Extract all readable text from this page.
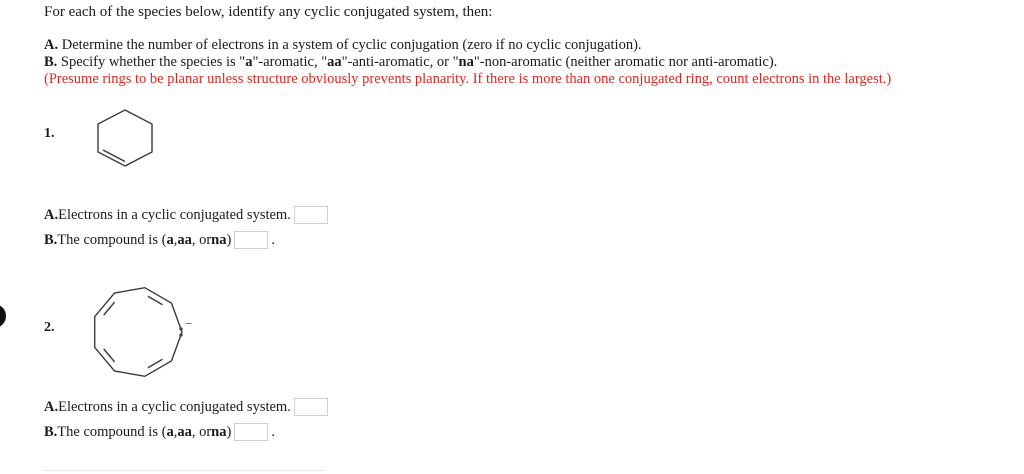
For each of the species below, identify any cyclic conjugated system, then:
A. Determine the number of electrons in a system of cyclic conjugation (zero if no cyclic conjugation).
B. Specify whether the species is "a"-aromatic, "aa"-anti-aromatic, or "na"-non-aromatic (neither aromatic nor anti-aromatic).
(Presume rings to be planar unless structure obviously prevents planarity. If there is more than one conjugated ring, count electrons in the largest.)
1.
A. Electrons in a cyclic conjugated system.
B. The compound is ( a , aa , or na )	.
2.	−
A. Electrons in a cyclic conjugated system.
B. The compound is ( a , aa , or na )	.
